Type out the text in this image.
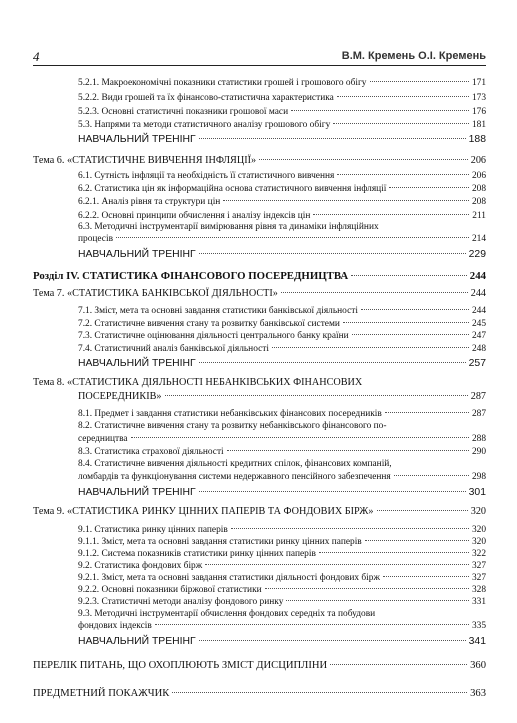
4	В.М. Кремень О.І. Кремень
5.2.1. Макроекономічні показники статистики грошей і грошового обігу	171
5.2.2. Види грошей та їх фінансово-статистична характеристика	173
5.2.3. Основні статистичні показники грошової маси	176
5.3. Напрями та методи статистичного аналізу грошового обігу	181
НАВЧАЛЬНИЙ ТРЕНІНГ	188
Тема 6. «СТАТИСТИЧНЕ ВИВЧЕННЯ ІНФЛЯЦІЇ»	206
6.1. Сутність інфляції та необхідність її статистичного вивчення	206
6.2. Статистика цін як інформаційна основа статистичного вивчення інфляції	208
6.2.1. Аналіз рівня та структури цін	208
6.2.2. Основні принципи обчислення і аналізу індексів цін	211
6.3. Методичні інструментарії вимірювання рівня та динаміки інфляційних
процесів	214
НАВЧАЛЬНИЙ ТРЕНІНГ	229
Розділ IV. СТАТИСТИКА ФІНАНСОВОГО ПОСЕРЕДНИЦТВА	244
Тема 7. «СТАТИСТИКА БАНКІВСЬКОЇ ДІЯЛЬНОСТІ»	244
7.1. Зміст, мета та основні завдання статистики банківської діяльності	244
7.2. Статистичне вивчення стану та розвитку банківської системи	245
7.3. Статистичне оцінювання діяльності центрального банку країни	247
7.4. Статистичний аналіз банківської діяльності	248
НАВЧАЛЬНИЙ ТРЕНІНГ	257
Тема 8. «СТАТИСТИКА ДІЯЛЬНОСТІ НЕБАНКІВСЬКИХ ФІНАНСОВИХ
ПОСЕРЕДНИКІВ»	287
8.1. Предмет і завдання статистики небанківських фінансових посередників	287
8.2. Статистичне вивчення стану та розвитку небанківського фінансового по-
середництва	288
8.3. Статистика страхової діяльності	290
8.4. Статистичне вивчення діяльності кредитних спілок, фінансових компаній,
ломбардів та функціонування системи недержавного пенсійного забезпечення	298
НАВЧАЛЬНИЙ ТРЕНІНГ	301
Тема 9. «СТАТИСТИКА РИНКУ ЦІННИХ ПАПЕРІВ ТА ФОНДОВИХ БІРЖ»	320
9.1. Статистика ринку цінних паперів	320
9.1.1. Зміст, мета та основні завдання статистики ринку цінних паперів	320
9.1.2. Система показників статистики ринку цінних паперів	322
9.2. Статистика фондових бірж	327
9.2.1. Зміст, мета та основні завдання статистики діяльності фондових бірж	327
9.2.2. Основні показники біржової статистики	328
9.2.3. Статистичні методи аналізу фондового ринку	331
9.3. Методичні інструментарії обчислення фондових середніх та побудови
фондових індексів	335
НАВЧАЛЬНИЙ ТРЕНІНГ	341
ПЕРЕЛІК ПИТАНЬ, ЩО ОХОПЛЮЮТЬ ЗМІСТ ДИСЦИПЛІНИ	360
ПРЕДМЕТНИЙ ПОКАЖЧИК	363
